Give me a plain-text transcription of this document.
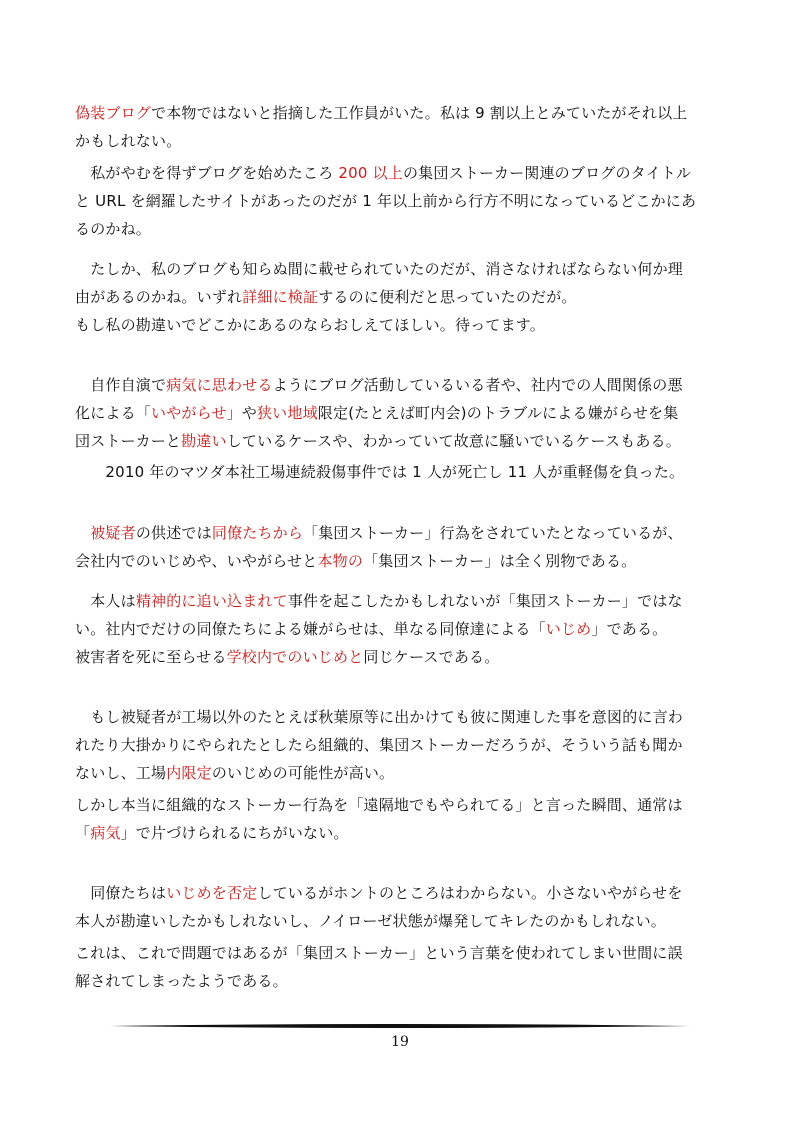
偽装ブログで本物ではないと指摘した工作員がいた。私は 9 割以上とみていたがそれ以上
かもしれない。
　私がやむを得ずブログを始めたころ 200 以上の集団ストーカー関連のブログのタイトル
と URL を網羅したサイトがあったのだが 1 年以上前から行方不明になっているどこかにあ
るのかね。
　たしか、私のブログも知らぬ間に載せられていたのだが、消さなければならない何か理
由があるのかね。いずれ詳細に検証するのに便利だと思っていたのだが。
もし私の勘違いでどこかにあるのならおしえてほしい。待ってます。
　自作自演で病気に思わせるようにブログ活動しているいる者や、社内での人間関係の悪
化による「いやがらせ」や狭い地域限定(たとえば町内会)のトラブルによる嫌がらせを集
団ストーカーと勘違いしているケースや、わかっていて故意に騒いでいるケースもある。
　　2010 年のマツダ本社工場連続殺傷事件では 1 人が死亡し 11 人が重軽傷を負った。
　被疑者の供述では同僚たちから「集団ストーカー」行為をされていたとなっているが、
会社内でのいじめや、いやがらせと本物の「集団ストーカー」は全く別物である。
　本人は精神的に追い込まれて事件を起こしたかもしれないが「集団ストーカー」ではな
い。社内でだけの同僚たちによる嫌がらせは、単なる同僚達による「いじめ」である。
被害者を死に至らせる学校内でのいじめと同じケースである。
　もし被疑者が工場以外のたとえば秋葉原等に出かけても彼に関連した事を意図的に言わ
れたり大掛かりにやられたとしたら組織的、集団ストーカーだろうが、そういう話も聞か
ないし、工場内限定のいじめの可能性が高い。
しかし本当に組織的なストーカー行為を「遠隔地でもやられてる」と言った瞬間、通常は
「病気」で片づけられるにちがいない。
　同僚たちはいじめを否定しているがホントのところはわからない。小さないやがらせを
本人が勘違いしたかもしれないし、ノイローゼ状態が爆発してキレたのかもしれない。
これは、これで問題ではあるが「集団ストーカー」という言葉を使われてしまい世間に誤
解されてしまったようである。
19
